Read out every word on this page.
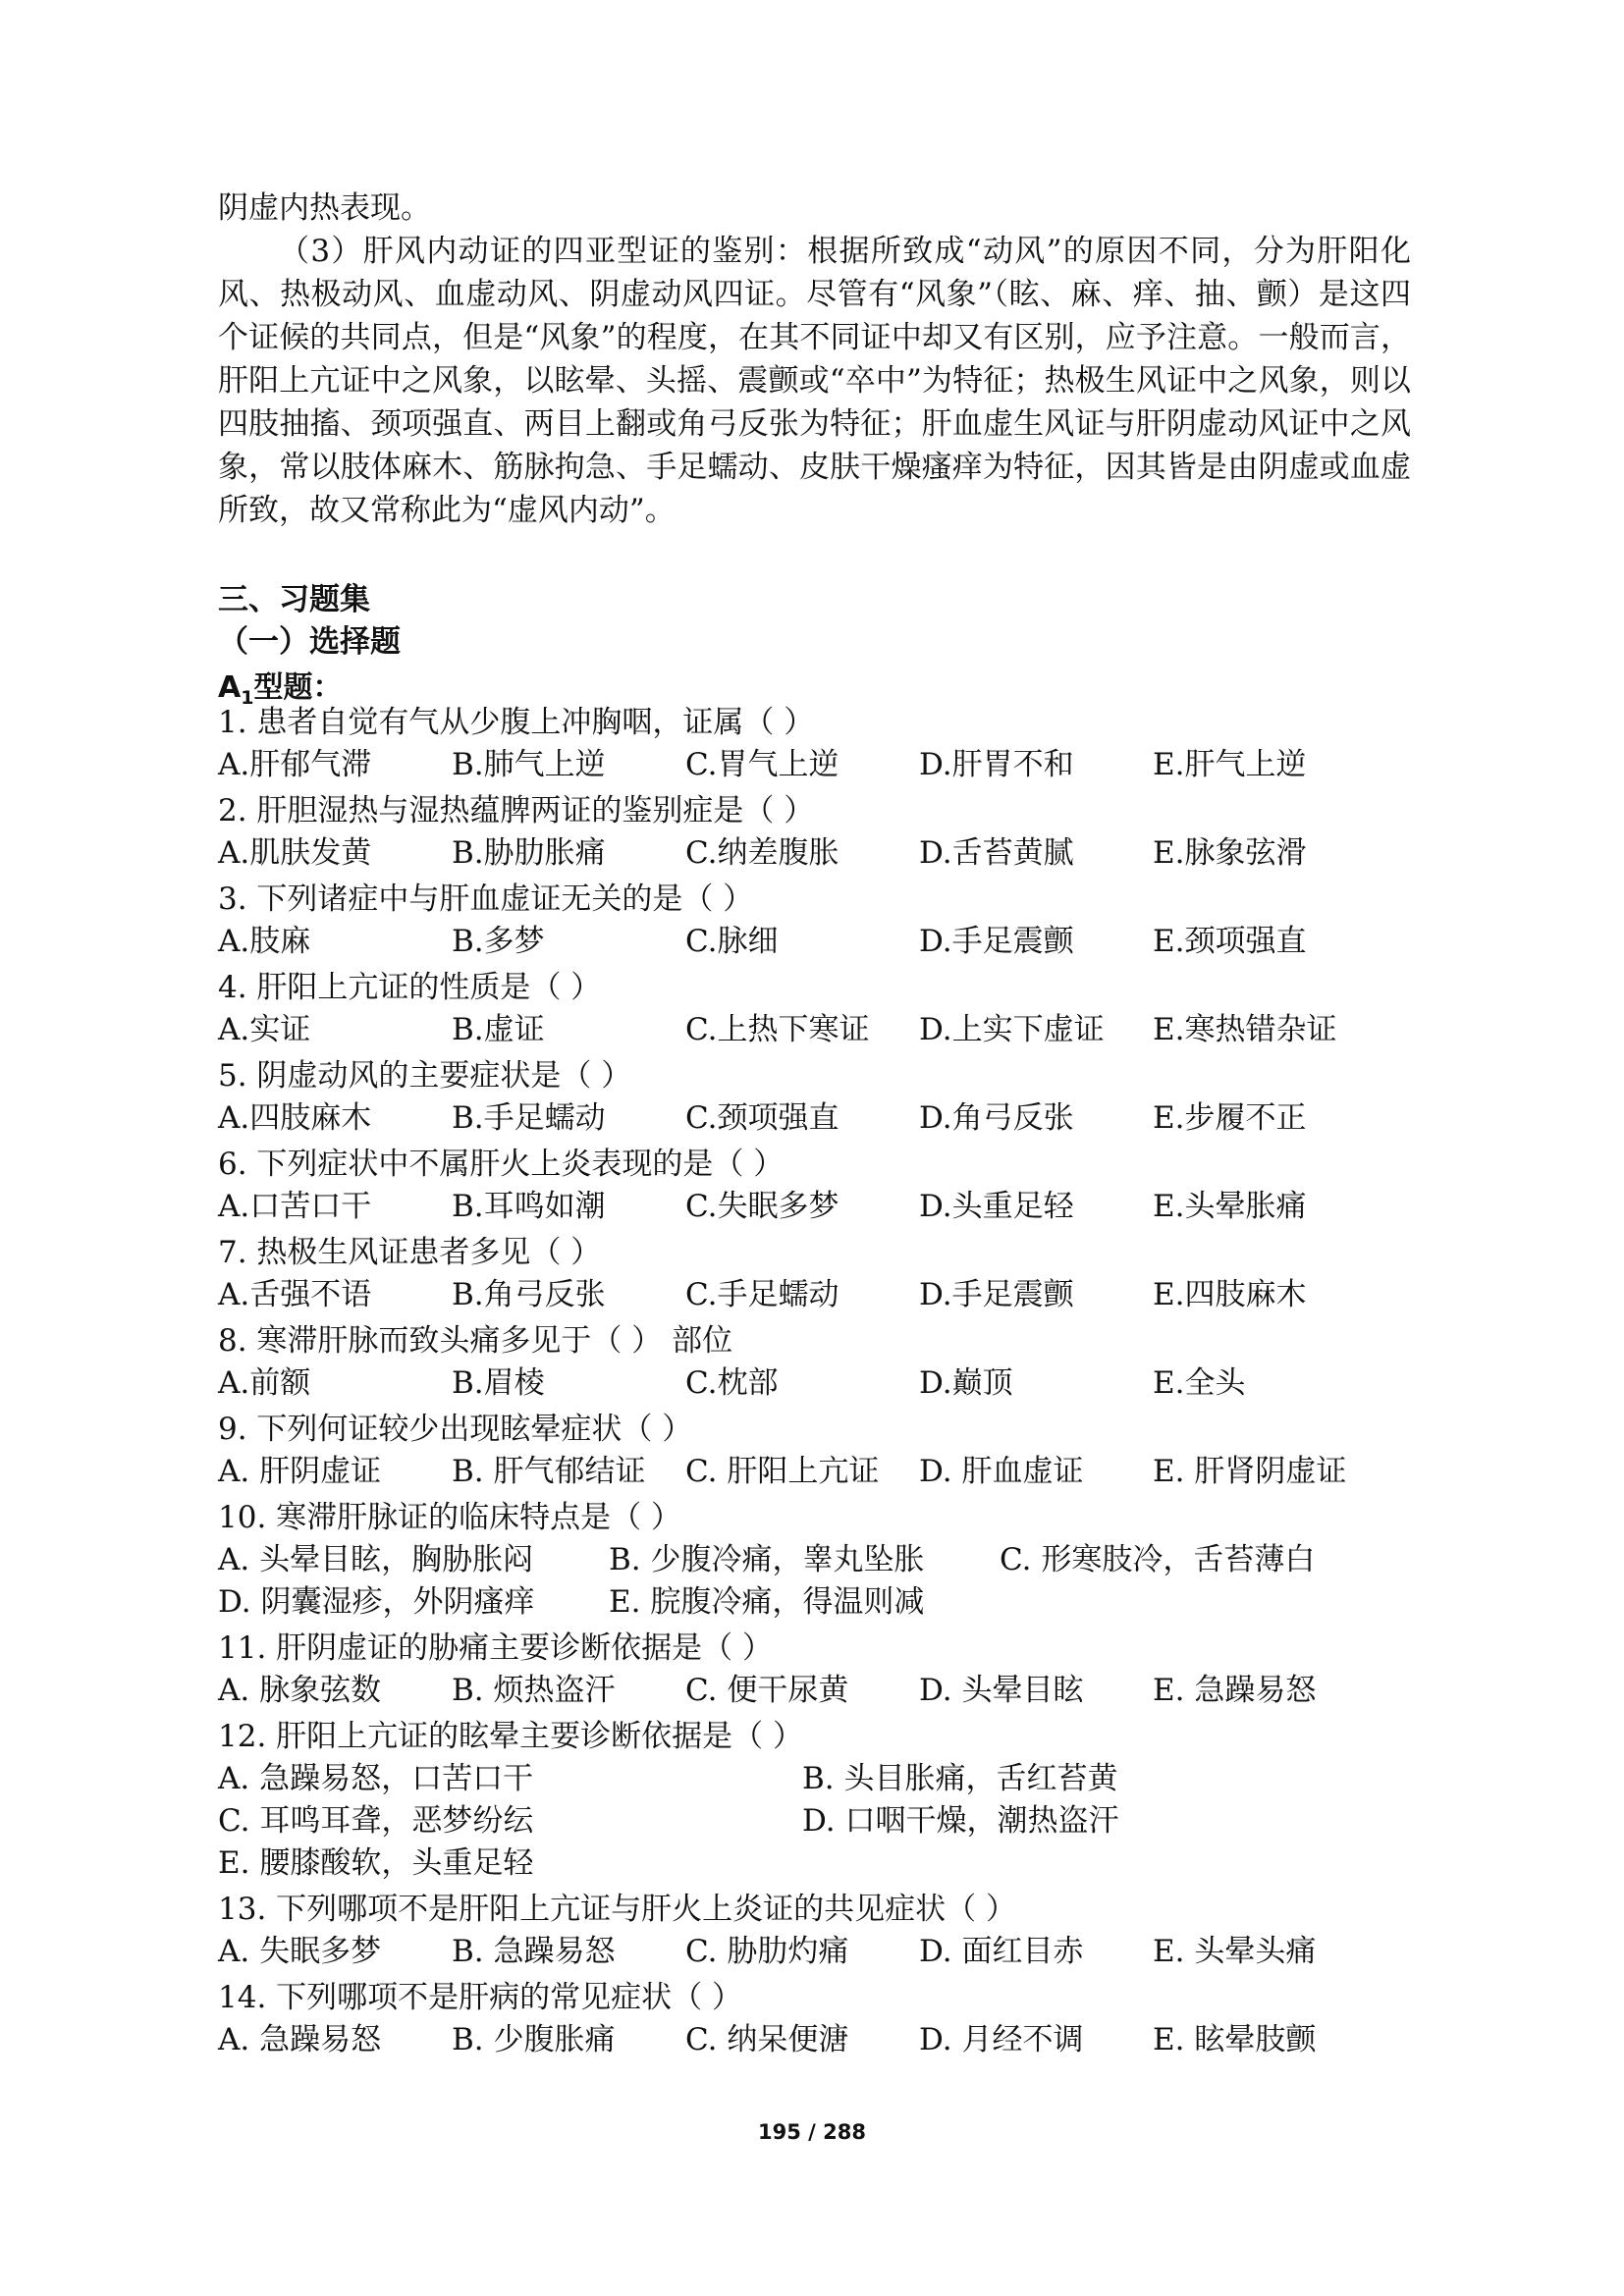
阴虚内热表现。

（3）肝风内动证的四亚型证的鉴别：根据所致成“动风”的原因不同，分为肝阳化风、热极动风、血虚动风、阴虚动风四证。尽管有“风象”（眩、麻、痒、抽、颤）是这四个证候的共同点，但是“风象”的程度，在其不同证中却又有区别，应予注意。一般而言，肝阳上亢证中之风象，以眩晕、头摇、震颤或“卒中”为特征；热极生风证中之风象，则以四肢抽搐、颈项强直、两目上翻或角弓反张为特征；肝血虚生风证与肝阴虚动风证中之风象，常以肢体麻木、筋脉拘急、手足蠕动、皮肤干燥瘙痒为特征，因其皆是由阴虚或血虚所致，故又常称此为“虚风内动”。

三、习题集
（一）选择题
$A_1$型题：
1. 患者自觉有气从少腹上冲胸咽，证属（ ）
A.肝郁气滞	B.肺气上逆	C.胃气上逆	D.肝胃不和	E.肝气上逆
2. 肝胆湿热与湿热蕴脾两证的鉴别症是（ ）
A.肌肤发黄	B.胁肋胀痛	C.纳差腹胀	D.舌苔黄腻	E.脉象弦滑
3. 下列诸症中与肝血虚证无关的是（ ）
A.肢麻	B.多梦	C.脉细	D.手足震颤	E.颈项强直
4. 肝阳上亢证的性质是（ ）
A.实证	B.虚证	C.上热下寒证	D.上实下虚证	E.寒热错杂证
5. 阴虚动风的主要症状是（ ）
A.四肢麻木	B.手足蠕动	C.颈项强直	D.角弓反张	E.步履不正
6. 下列症状中不属肝火上炎表现的是（ ）
A.口苦口干	B.耳鸣如潮	C.失眠多梦	D.头重足轻	E.头晕胀痛
7. 热极生风证患者多见（ ）
A.舌强不语	B.角弓反张	C.手足蠕动	D.手足震颤	E.四肢麻木
8. 寒滞肝脉而致头痛多见于（ ） 部位
A.前额	B.眉棱	C.枕部	D.巅顶	E.全头
9. 下列何证较少出现眩晕症状（ ）
A. 肝阴虚证	B. 肝气郁结证	C. 肝阳上亢证	D. 肝血虚证	E. 肝肾阴虚证
10. 寒滞肝脉证的临床特点是（ ）
A. 头晕目眩，胸胁胀闷	B. 少腹冷痛，睾丸坠胀	C. 形寒肢冷，舌苔薄白
D. 阴囊湿疹，外阴瘙痒	E. 脘腹冷痛，得温则减
11. 肝阴虚证的胁痛主要诊断依据是（ ）
A. 脉象弦数	B. 烦热盗汗	C. 便干尿黄	D. 头晕目眩	E. 急躁易怒
12. 肝阳上亢证的眩晕主要诊断依据是（ ）
A. 急躁易怒，口苦口干	B. 头目胀痛，舌红苔黄
C. 耳鸣耳聋，恶梦纷纭	D. 口咽干燥，潮热盗汗
E. 腰膝酸软，头重足轻
13. 下列哪项不是肝阳上亢证与肝火上炎证的共见症状（ ）
A. 失眠多梦	B. 急躁易怒	C. 胁肋灼痛	D. 面红目赤	E. 头晕头痛
14. 下列哪项不是肝病的常见症状（ ）
A. 急躁易怒	B. 少腹胀痛	C. 纳呆便溏	D. 月经不调	E. 眩晕肢颤
195 / 288
